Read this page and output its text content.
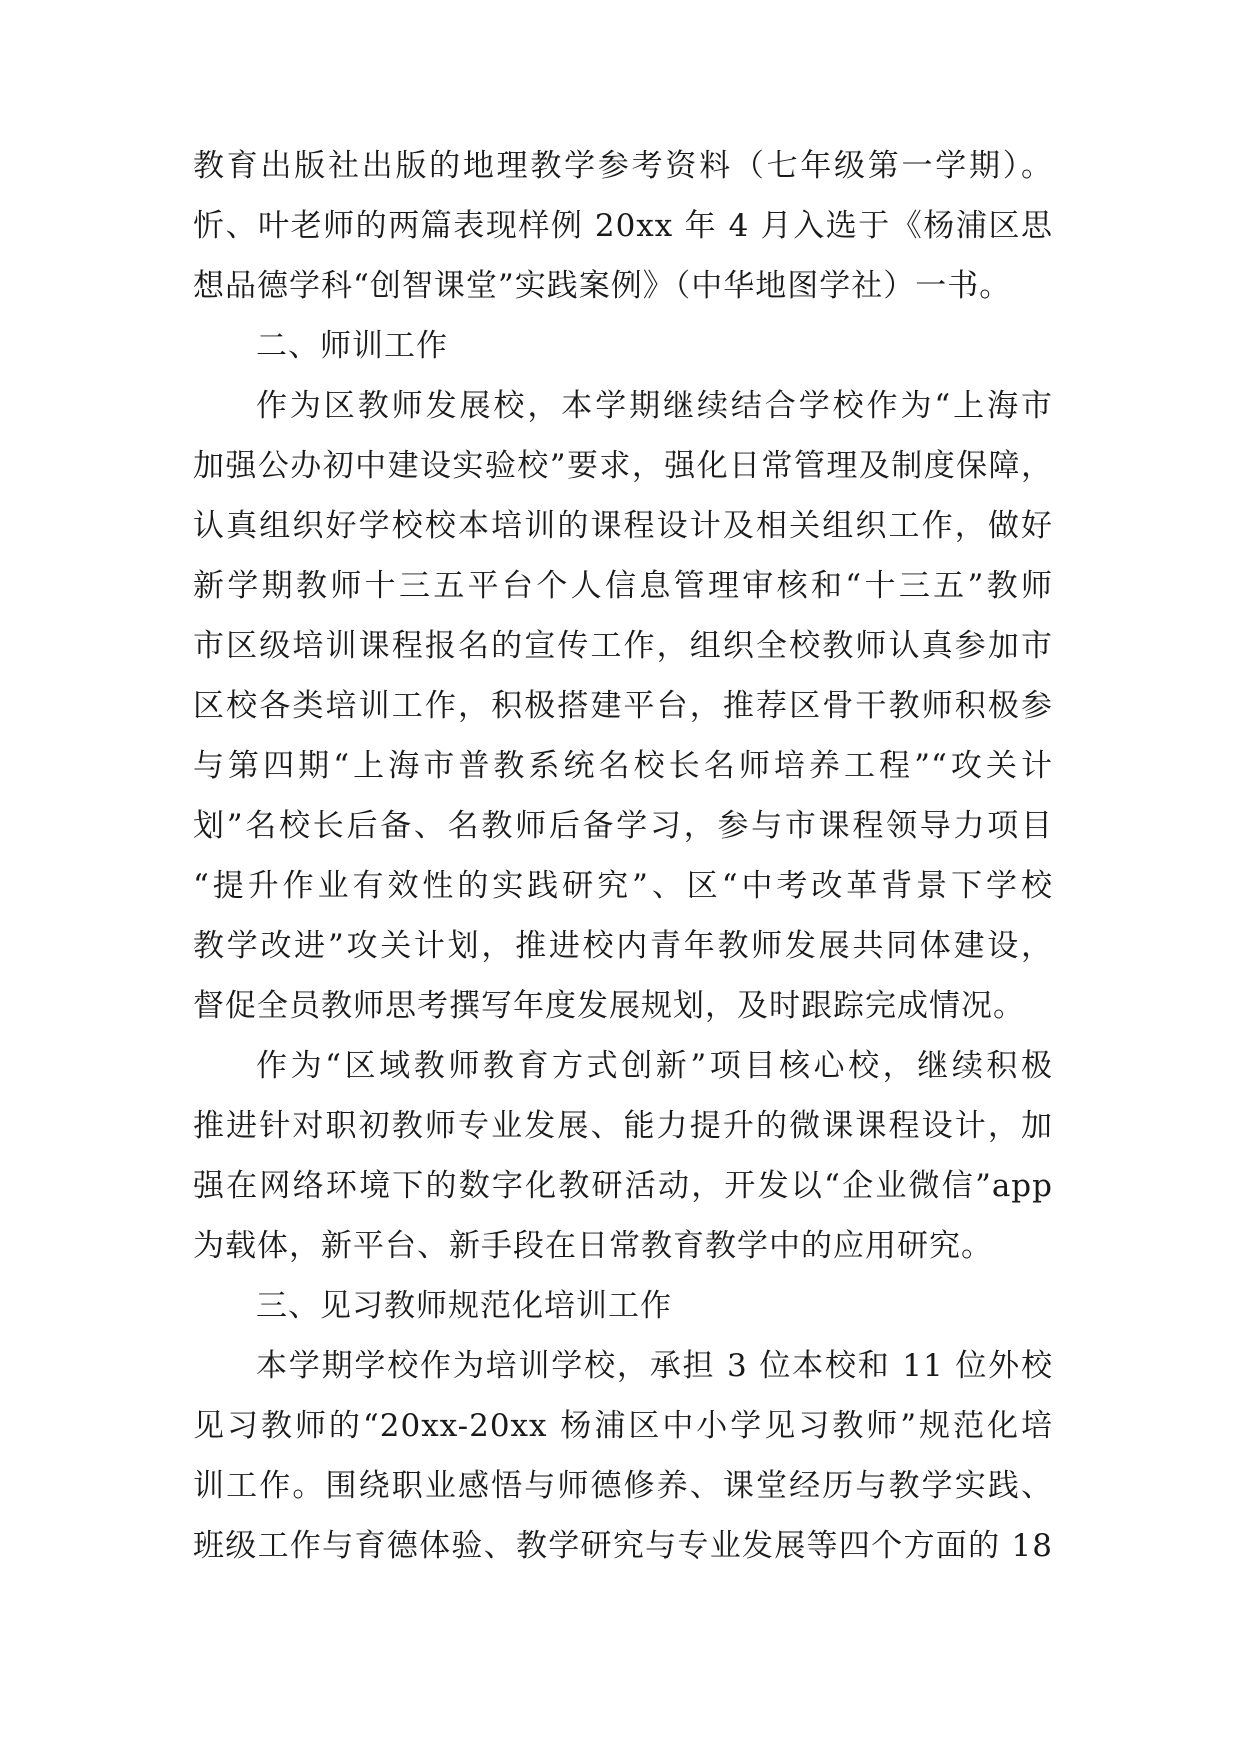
教育出版社出版的地理教学参考资料（七年级第一学期）。
忻、叶老师的两篇表现样例 20xx 年 4 月入选于《杨浦区思
想品德学科“创智课堂”实践案例》（中华地图学社）一书。
二、师训工作
作为区教师发展校，本学期继续结合学校作为“上海市
加强公办初中建设实验校”要求，强化日常管理及制度保障，
认真组织好学校校本培训的课程设计及相关组织工作，做好
新学期教师十三五平台个人信息管理审核和“十三五”教师
市区级培训课程报名的宣传工作，组织全校教师认真参加市
区校各类培训工作，积极搭建平台，推荐区骨干教师积极参
与第四期“上海市普教系统名校长名师培养工程”“攻关计
划”名校长后备、名教师后备学习，参与市课程领导力项目
“提升作业有效性的实践研究”、区“中考改革背景下学校
教学改进”攻关计划，推进校内青年教师发展共同体建设，
督促全员教师思考撰写年度发展规划，及时跟踪完成情况。
作为“区域教师教育方式创新”项目核心校，继续积极
推进针对职初教师专业发展、能力提升的微课课程设计，加
强在网络环境下的数字化教研活动，开发以“企业微信”app
为载体，新平台、新手段在日常教育教学中的应用研究。
三、见习教师规范化培训工作
本学期学校作为培训学校，承担 3 位本校和 11 位外校
见习教师的“20xx-20xx 杨浦区中小学见习教师”规范化培
训工作。围绕职业感悟与师德修养、课堂经历与教学实践、
班级工作与育德体验、教学研究与专业发展等四个方面的 18
